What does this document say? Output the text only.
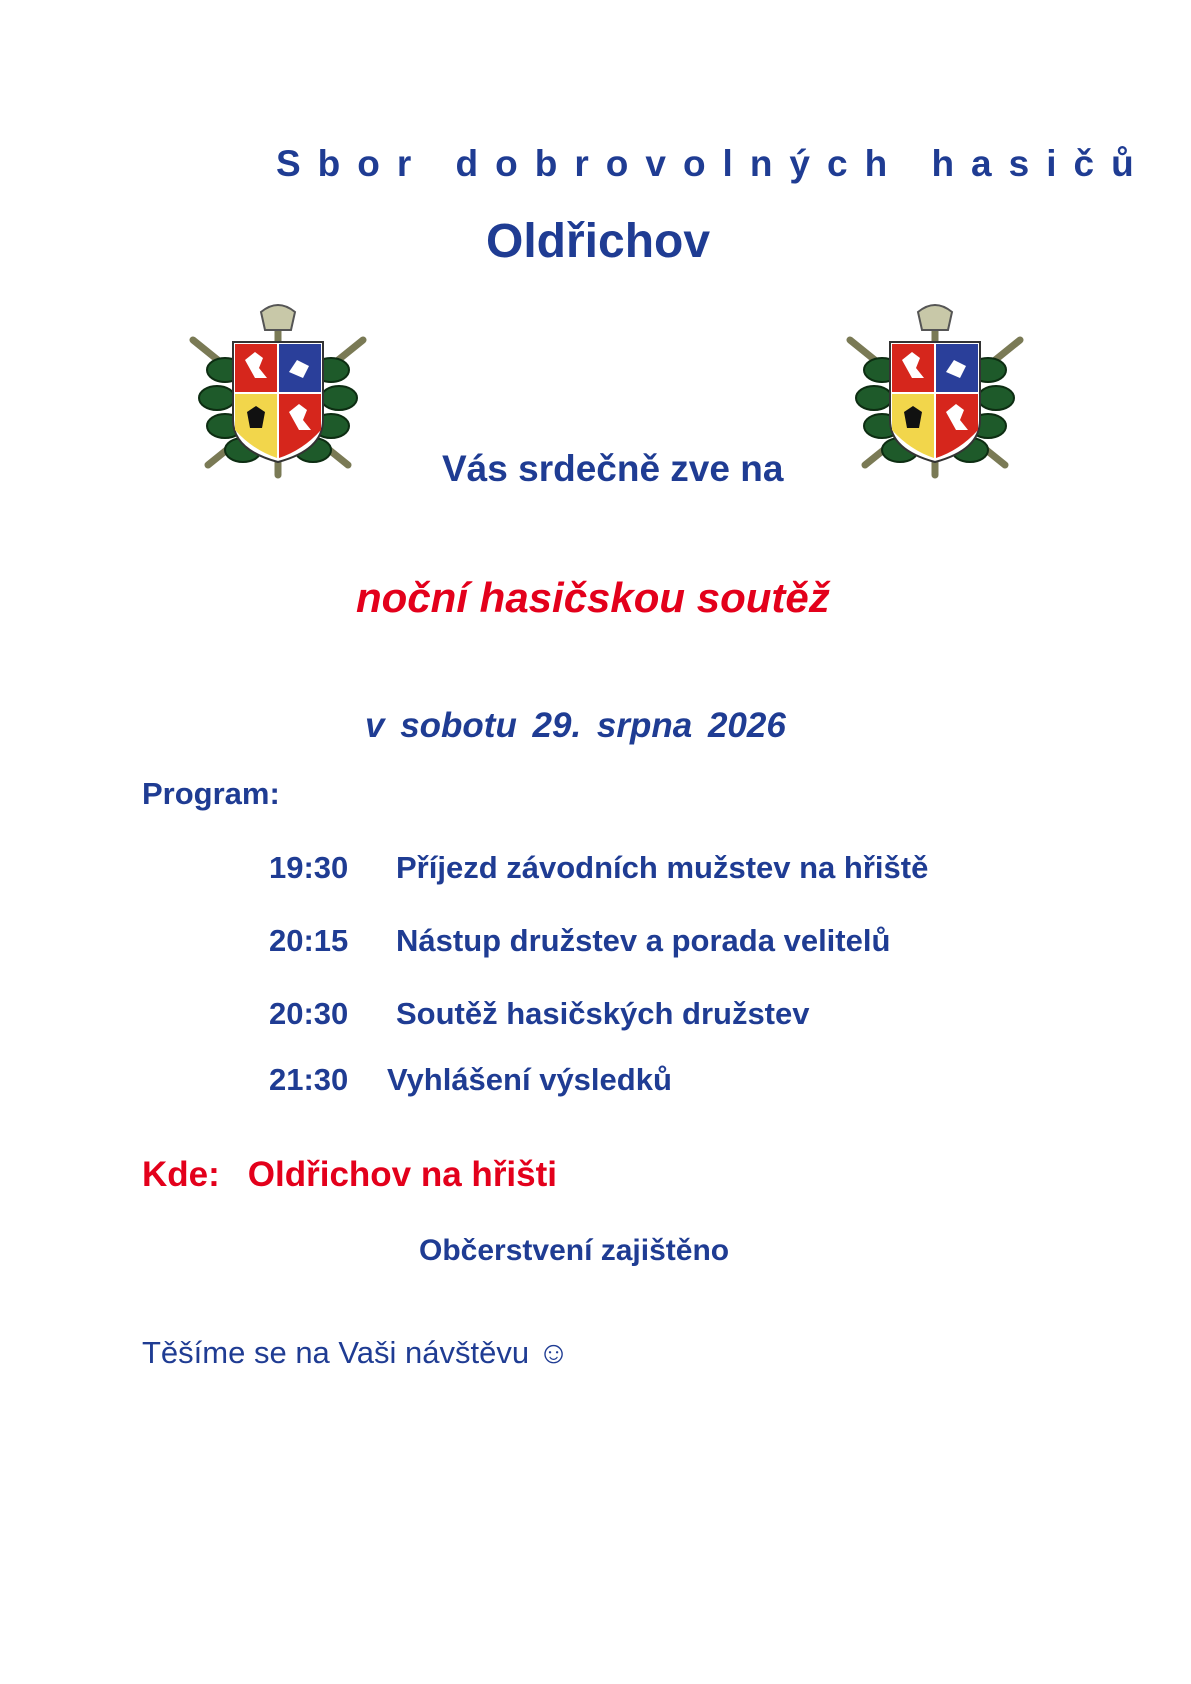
Sbor dobrovolných hasičů
Oldřichov
Vás srdečně zve na
noční hasičskou soutěž
v sobotu 29. srpna 2026
Program:
19:30 Příjezd závodních mužstev na hřiště
20:15 Nástup družstev a porada velitelů
20:30 Soutěž hasičských družstev
21:30 Vyhlášení výsledků
Kde: Oldřichov na hřišti
Občerstvení zajištěno
Těšíme se na Vaši návštěvu ☺
